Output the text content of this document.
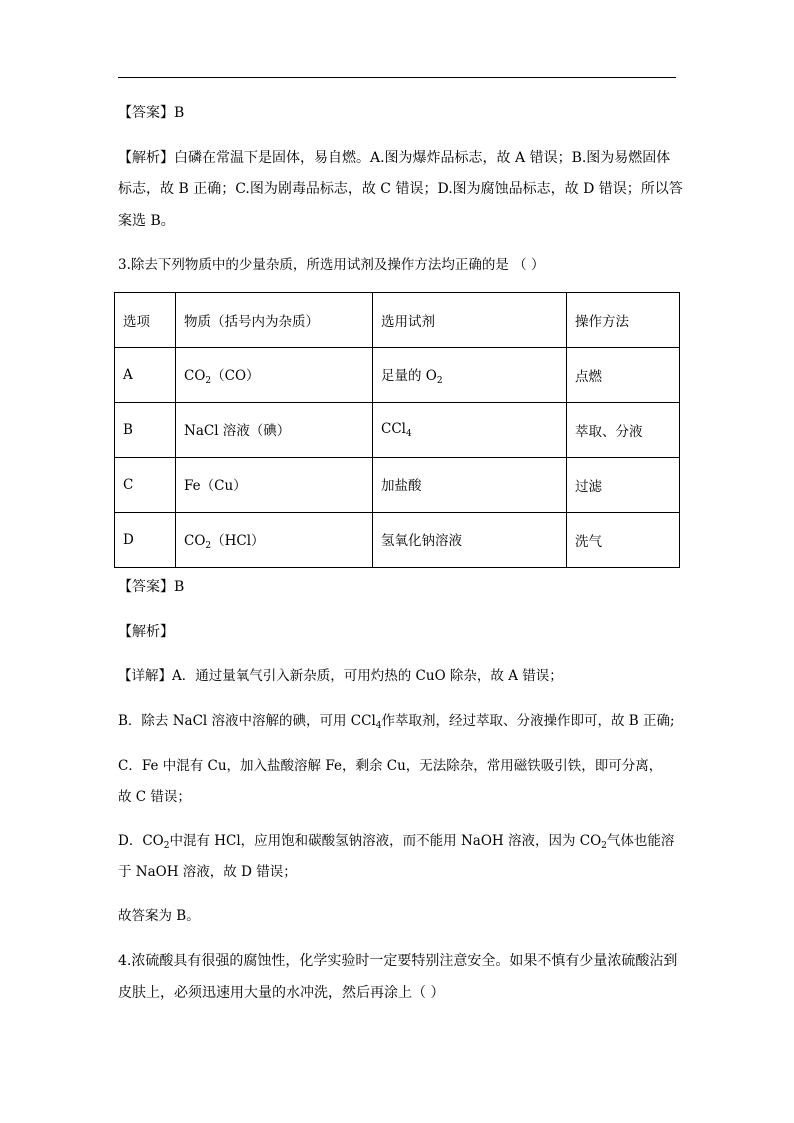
【答案】B
【解析】白磷在常温下是固体，易自燃。A.图为爆炸品标志，故 A 错误；B.图为易燃固体
标志，故 B 正确；C.图为剧毒品标志，故 C 错误；D.图为腐蚀品标志，故 D 错误；所以答
案选 B。
3.除去下列物质中的少量杂质，所选用试剂及操作方法均正确的是 （ ）
选项	物质（括号内为杂质）	选用试剂	操作方法
A	$CO_2(CO)$	足量的 $O_2$	点燃
B	NaCl 溶液（碘）	CCl$_4$	萃取、分液
C	Fe（Cu）	加盐酸	过滤
D	$CO_2(HCl)$	氢氧化钠溶液	洗气
【答案】B
【解析】
【详解】A．通过量氧气引入新杂质，可用灼热的 CuO 除杂，故 A 错误；
B．除去 NaCl 溶液中溶解的碘，可用 CCl$_4$作萃取剂，经过萃取、分液操作即可，故 B 正确;
C．Fe 中混有 Cu，加入盐酸溶解 Fe，剩余 Cu，无法除杂，常用磁铁吸引铁，即可分离，
故 C 错误；
D．$CO_2$中混有 HCl，应用饱和碳酸氢钠溶液，而不能用 NaOH 溶液，因为 $CO_2$气体也能溶
于 NaOH 溶液，故 D 错误；
故答案为 B。
4.浓硫酸具有很强的腐蚀性，化学实验时一定要特别注意安全。如果不慎有少量浓硫酸沾到
皮肤上，必须迅速用大量的水冲洗，然后再涂上（ ）
